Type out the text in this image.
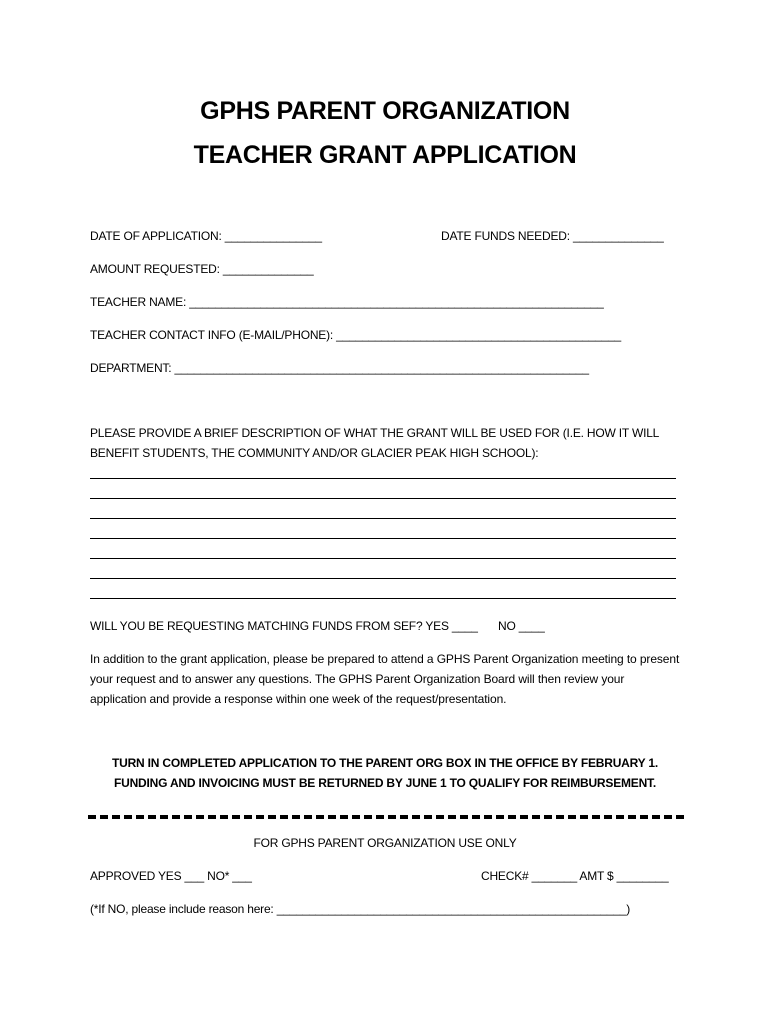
GPHS PARENT ORGANIZATION
TEACHER GRANT APPLICATION
DATE OF APPLICATION: _______________	DATE FUNDS NEEDED: ______________
AMOUNT REQUESTED: ______________
TEACHER NAME: ________________________________________________________________
TEACHER CONTACT INFO (E-MAIL/PHONE): ____________________________________________
DEPARTMENT: ________________________________________________________________
PLEASE PROVIDE A BRIEF DESCRIPTION OF WHAT THE GRANT WILL BE USED FOR (I.E. HOW IT WILL
BENEFIT STUDENTS, THE COMMUNITY AND/OR GLACIER PEAK HIGH SCHOOL):
WILL YOU BE REQUESTING MATCHING FUNDS FROM SEF? YES ____ NO ____
In addition to the grant application, please be prepared to attend a GPHS Parent Organization meeting to present your request and to answer any questions. The GPHS Parent Organization Board will then review your application and provide a response within one week of the request/presentation.
TURN IN COMPLETED APPLICATION TO THE PARENT ORG BOX IN THE OFFICE BY FEBRUARY 1.
FUNDING AND INVOICING MUST BE RETURNED BY JUNE 1 TO QUALIFY FOR REIMBURSEMENT.
FOR GPHS PARENT ORGANIZATION USE ONLY
APPROVED YES ___ NO* ___	CHECK# _______ AMT $ ________
(*If NO, please include reason here: ______________________________________________________)
